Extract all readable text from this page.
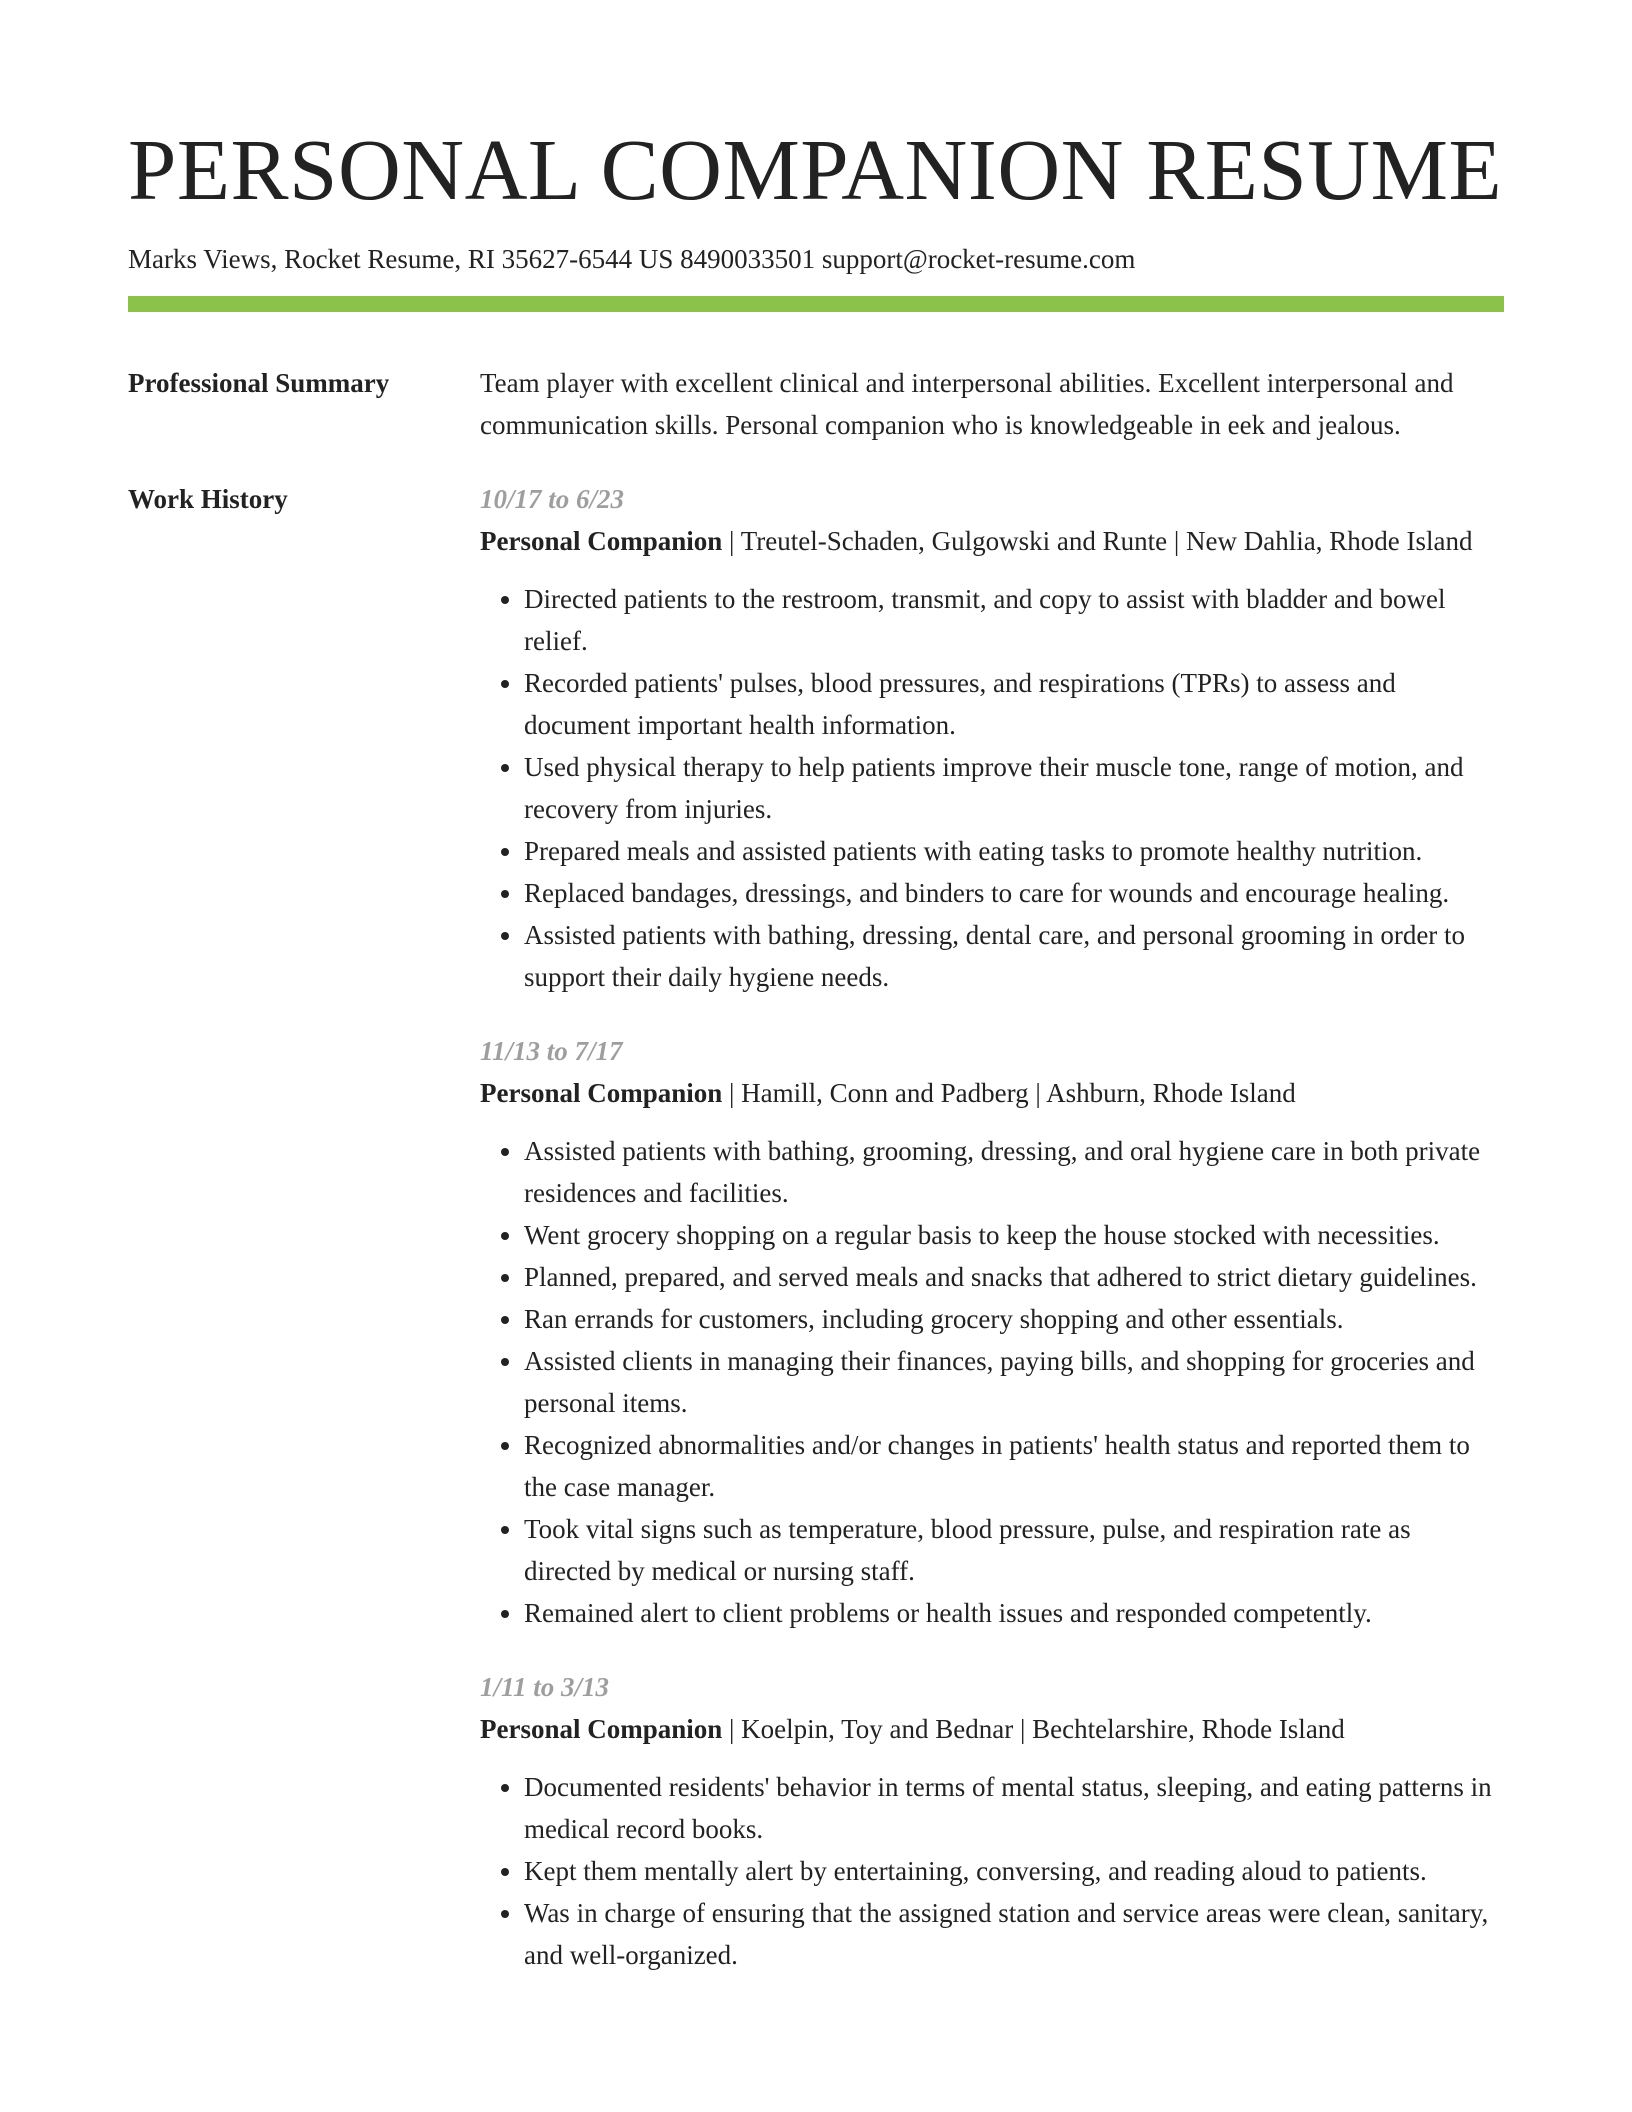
PERSONAL COMPANION RESUME
Marks Views, Rocket Resume, RI 35627-6544 US 8490033501 support@rocket-resume.com
Professional Summary	Team player with excellent clinical and interpersonal abilities. Excellent interpersonal and communication skills. Personal companion who is knowledgeable in eek and jealous.
Work History	10/17 to 6/23
Personal Companion | Treutel-Schaden, Gulgowski and Runte | New Dahlia, Rhode Island
• Directed patients to the restroom, transmit, and copy to assist with bladder and bowel relief.
• Recorded patients' pulses, blood pressures, and respirations (TPRs) to assess and document important health information.
• Used physical therapy to help patients improve their muscle tone, range of motion, and recovery from injuries.
• Prepared meals and assisted patients with eating tasks to promote healthy nutrition.
• Replaced bandages, dressings, and binders to care for wounds and encourage healing.
• Assisted patients with bathing, dressing, dental care, and personal grooming in order to support their daily hygiene needs.
11/13 to 7/17
Personal Companion | Hamill, Conn and Padberg | Ashburn, Rhode Island
• Assisted patients with bathing, grooming, dressing, and oral hygiene care in both private residences and facilities.
• Went grocery shopping on a regular basis to keep the house stocked with necessities.
• Planned, prepared, and served meals and snacks that adhered to strict dietary guidelines.
• Ran errands for customers, including grocery shopping and other essentials.
• Assisted clients in managing their finances, paying bills, and shopping for groceries and personal items.
• Recognized abnormalities and/or changes in patients' health status and reported them to the case manager.
• Took vital signs such as temperature, blood pressure, pulse, and respiration rate as directed by medical or nursing staff.
• Remained alert to client problems or health issues and responded competently.
1/11 to 3/13
Personal Companion | Koelpin, Toy and Bednar | Bechtelarshire, Rhode Island
• Documented residents' behavior in terms of mental status, sleeping, and eating patterns in medical record books.
• Kept them mentally alert by entertaining, conversing, and reading aloud to patients.
• Was in charge of ensuring that the assigned station and service areas were clean, sanitary, and well-organized.
